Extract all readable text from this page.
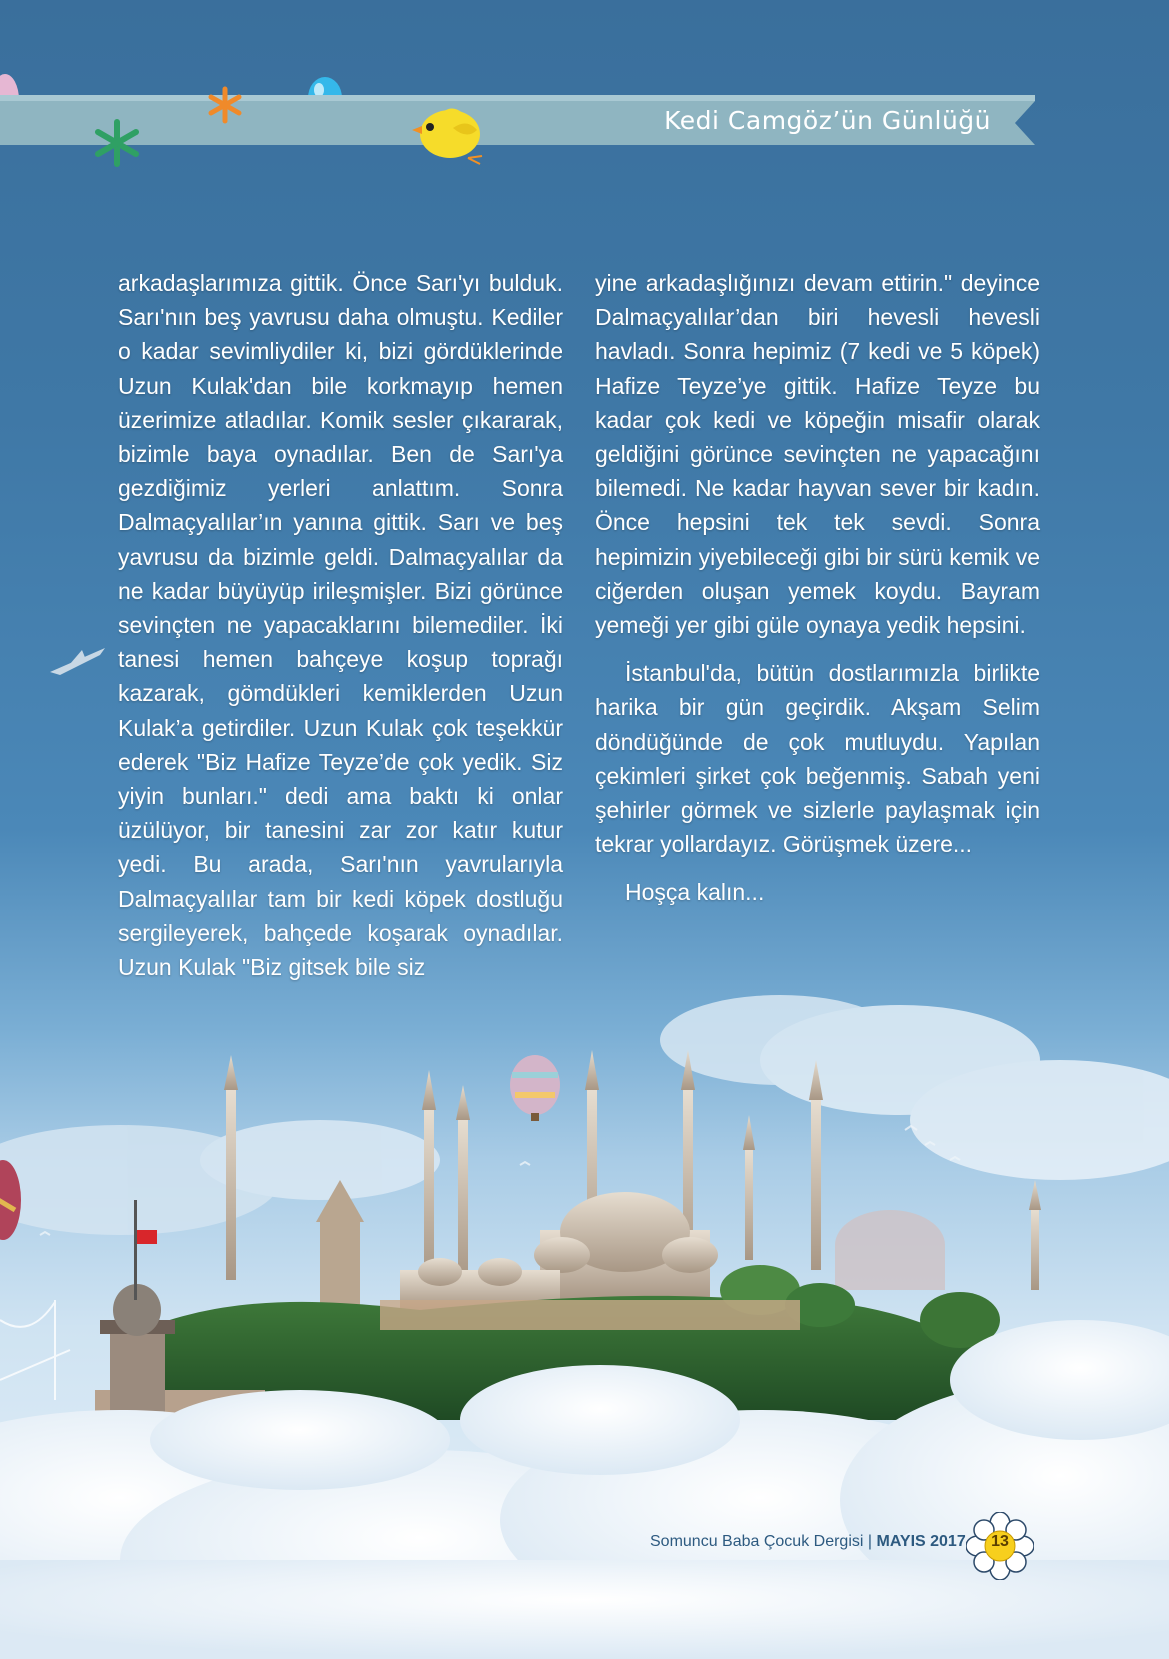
Kedi Camgöz’ün Günlüğü

arkadaşlarımıza gittik. Önce Sarı'yı bulduk. Sarı'nın beş yavrusu daha olmuştu. Kediler o kadar sevimliydiler ki, bizi gördüklerinde Uzun Kulak'dan bile korkmayıp hemen üzerimize atladılar. Komik sesler çıkararak, bizimle baya oynadılar. Ben de Sarı'ya gezdiğimiz yerleri anlattım. Sonra Dalmaçyalılar’ın yanına gittik. Sarı ve beş yavrusu da bizimle geldi. Dalmaçyalılar da ne kadar büyüyüp irileşmişler. Bizi görünce sevinçten ne yapacaklarını bilemediler. İki tanesi hemen bahçeye koşup toprağı kazarak, gömdükleri kemiklerden Uzun Kulak’a getirdiler. Uzun Kulak çok teşekkür ederek "Biz Hafize Teyze’de çok yedik. Siz yiyin bunları." dedi ama baktı ki onlar üzülüyor, bir tanesini zar zor katır kutur yedi. Bu arada, Sarı'nın yavrularıyla Dalmaçyalılar tam bir kedi köpek dostluğu sergileyerek, bahçede koşarak oynadılar. Uzun Kulak "Biz gitsek bile siz

yine arkadaşlığınızı devam ettirin." deyince Dalmaçyalılar’dan biri hevesli hevesli havladı. Sonra hepimiz (7 kedi ve 5 köpek) Hafize Teyze’ye gittik. Hafize Teyze bu kadar çok kedi ve köpeğin misafir olarak geldiğini görünce sevinçten ne yapacağını bilemedi. Ne kadar hayvan sever bir kadın. Önce hepsini tek tek sevdi. Sonra hepimizin yiyebileceği gibi bir sürü kemik ve ciğerden oluşan yemek koydu. Bayram yemeği yer gibi güle oynaya yedik hepsini.

İstanbul'da, bütün dostlarımızla birlikte harika bir gün geçirdik. Akşam Selim döndüğünde de çok mutluydu. Yapılan çekimleri şirket çok beğenmiş. Sabah yeni şehirler görmek ve sizlerle paylaşmak için tekrar yollardayız. Görüşmek üzere...

Hoşça kalın...

Somuncu Baba Çocuk Dergisi | MAYIS 2017 13
